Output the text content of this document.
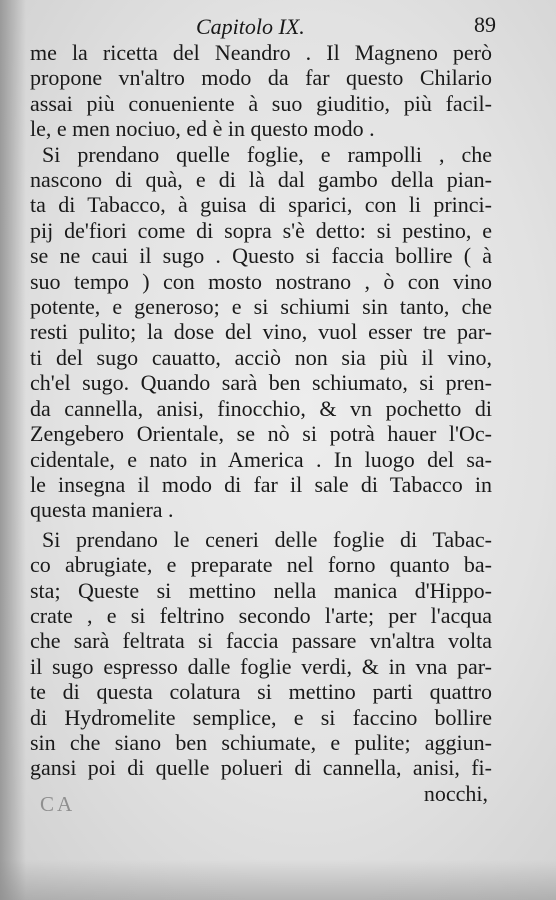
Capitolo IX.	89
me la ricetta del Neandro . Il Magneno però
propone vn'altro modo da far questo Chilario
assai più conueniente à suo giuditio, più facil-
le, e men nociuo, ed è in questo modo .
Si prendano quelle foglie, e rampolli , che
nascono di quà, e di là dal gambo della pian-
ta di Tabacco, à guisa di sparici, con li princi-
pij de'fiori come di sopra s'è detto: si pestino, e
se ne caui il sugo . Questo si faccia bollire ( à
suo tempo ) con mosto nostrano , ò con vino
potente, e generoso; e si schiumi sin tanto, che
resti pulito; la dose del vino, vuol esser tre par-
ti del sugo cauatto, acciò non sia più il vino,
ch'el sugo. Quando sarà ben schiumato, si pren-
da cannella, anisi, finocchio, & vn pochetto di
Zengebero Orientale, se nò si potrà hauer l'Oc-
cidentale, e nato in America . In luogo del sa-
le insegna il modo di far il sale di Tabacco in
questa maniera .
Si prendano le ceneri delle foglie di Tabac-
co abrugiate, e preparate nel forno quanto ba-
sta; Queste si mettino nella manica d'Hippo-
crate , e si feltrino secondo l'arte; per l'acqua
che sarà feltrata si faccia passare vn'altra volta
il sugo espresso dalle foglie verdi, & in vna par-
te di questa colatura si mettino parti quattro
di Hydromelite semplice, e si faccino bollire
sin che siano ben schiumate, e pulite; aggiun-
gansi poi di quelle polueri di cannella, anisi, fi-
nocchi,
CA
